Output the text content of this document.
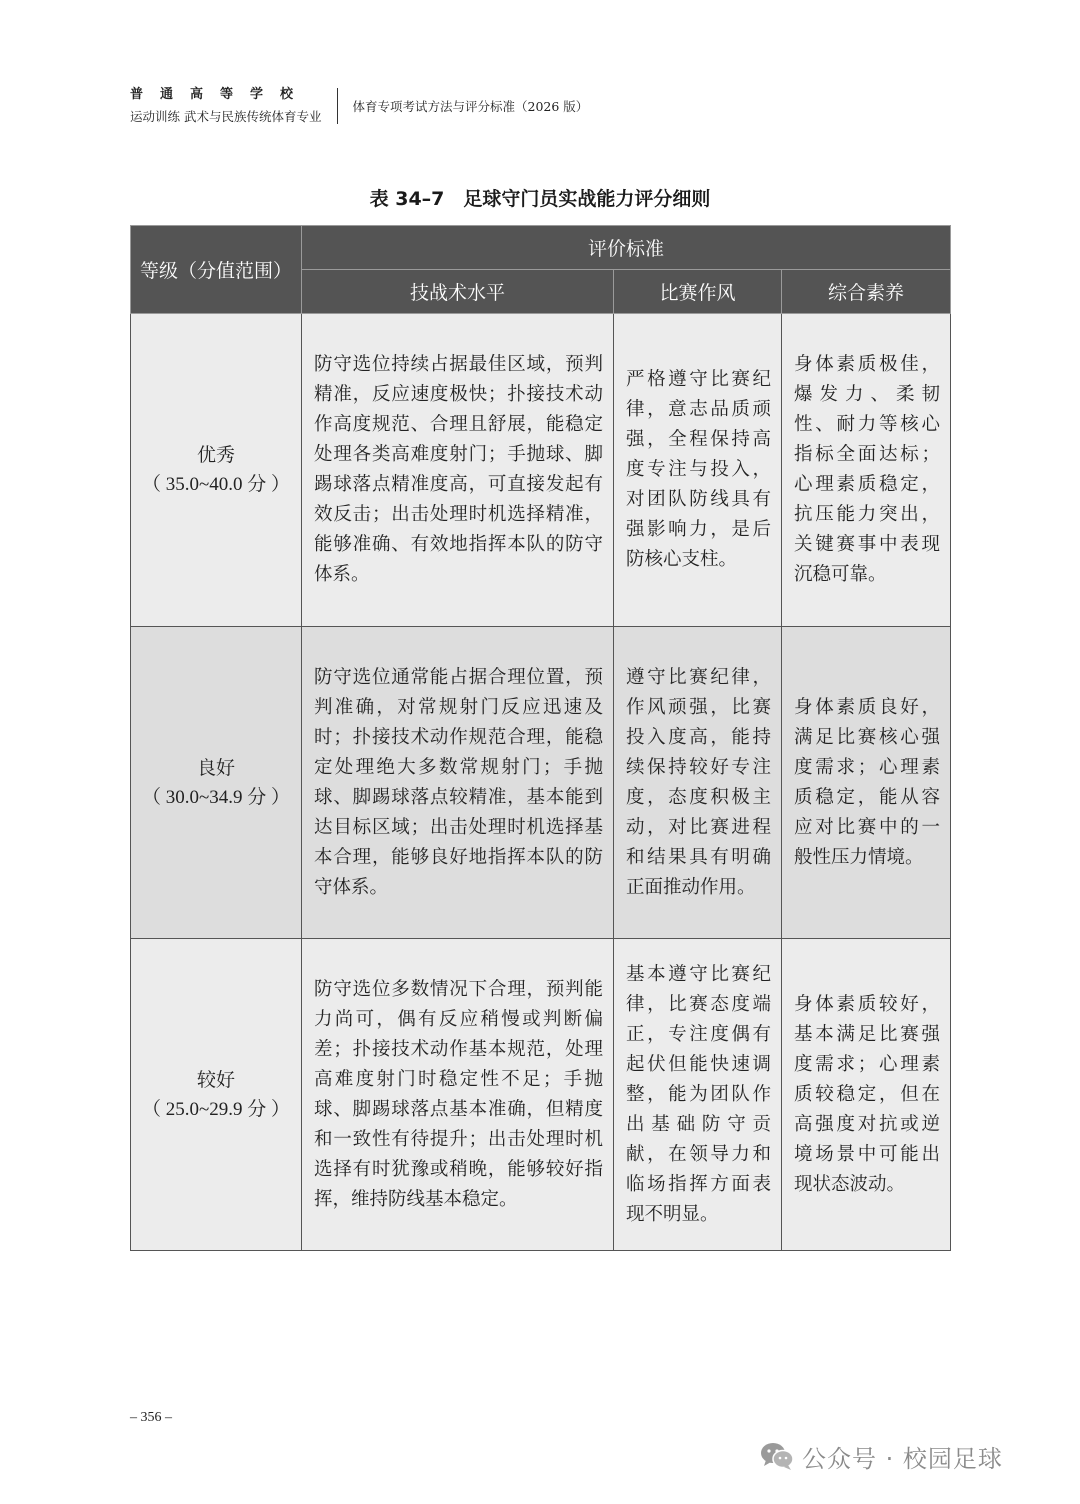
普通高等学校
运动训练 武术与民族传统体育专业
体育专项考试方法与评分标准（2026 版）
表 34–7　足球守门员实战能力评分细则
等级（分值范围）	评价标准		
	技战术水平	比赛作风	综合素养

优秀
（ 35.0~40.0 分 ）	防守选位持续占据最佳区域，预判精准，反应速度极快；扑接技术动作高度规范、合理且舒展，能稳定处理各类高难度射门；手抛球、脚踢球落点精准度高，可直接发起有效反击；出击处理时机选择精准，能够准确、有效地指挥本队的防守体系。	严格遵守比赛纪律，意志品质顽强，全程保持高度专注与投入，对团队防线具有强影响力，是后防核心支柱。	身体素质极佳，爆发力、柔韧性、耐力等核心指标全面达标；心理素质稳定，抗压能力突出，关键赛事中表现沉稳可靠。

良好
（ 30.0~34.9 分 ）	防守选位通常能占据合理位置，预判准确，对常规射门反应迅速及时；扑接技术动作规范合理，能稳定处理绝大多数常规射门；手抛球、脚踢球落点较精准，基本能到达目标区域；出击处理时机选择基本合理，能够良好地指挥本队的防守体系。	遵守比赛纪律，作风顽强，比赛投入度高，能持续保持较好专注度，态度积极主动，对比赛进程和结果具有明确正面推动作用。	身体素质良好，满足比赛核心强度需求；心理素质稳定，能从容应对比赛中的一般性压力情境。

较好
（ 25.0~29.9 分 ）	防守选位多数情况下合理，预判能力尚可，偶有反应稍慢或判断偏差；扑接技术动作基本规范，处理高难度射门时稳定性不足；手抛球、脚踢球落点基本准确，但精度和一致性有待提升；出击处理时机选择有时犹豫或稍晚，能够较好指挥，维持防线基本稳定。	基本遵守比赛纪律，比赛态度端正，专注度偶有起伏但能快速调整，能为团队作出基础防守贡献，在领导力和临场指挥方面表现不明显。	身体素质较好，基本满足比赛强度需求；心理素质较稳定，但在高强度对抗或逆境场景中可能出现状态波动。
– 356 –
公众号 · 校园足球
